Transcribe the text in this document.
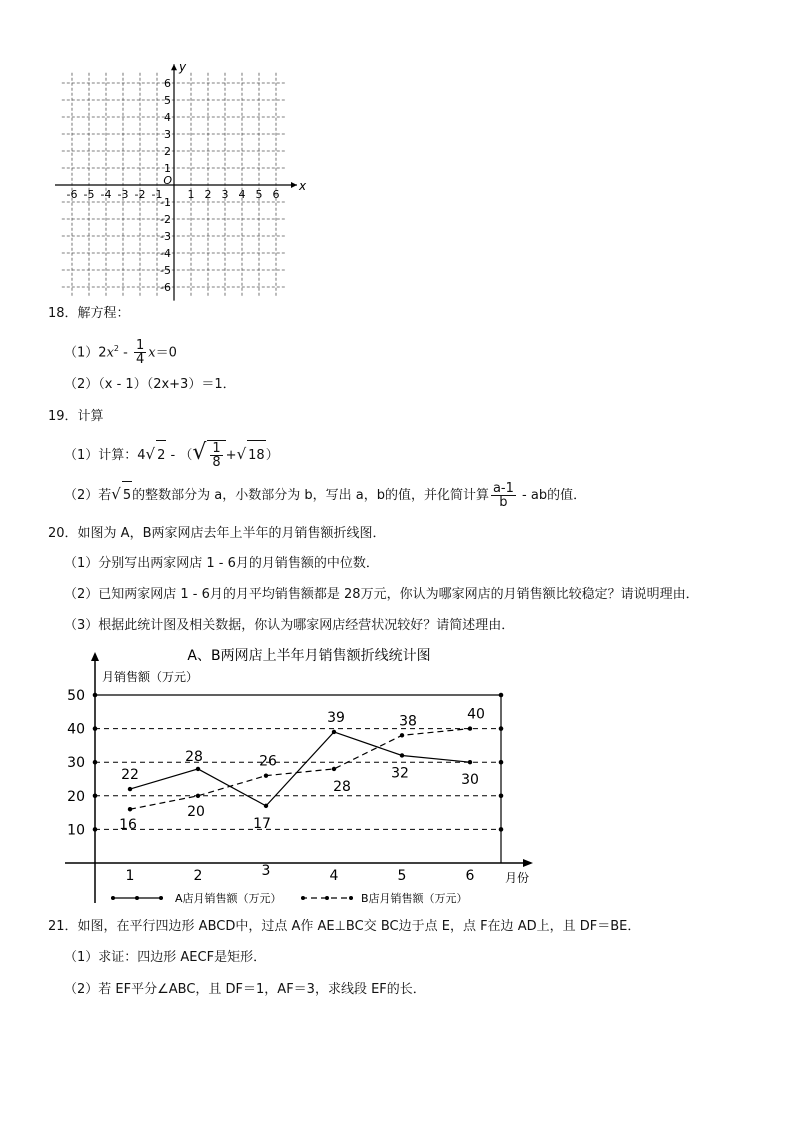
-6 -5 -4 -3 -2 -1 1 2 3 4 5 6
6
5
4
3
2
1
-1
-2
-3
-4
-5
-6
x
y
O
18．解方程：
$(1)2x^2 - \frac{1}{4} x=0$
（2）（x - 1）（2x+3）＝1．
19．计算
（1）计算：4√ 2 - （√ $\frac{1}{8}$ +√ 18）
（2）若√ 5的整数部分为 a，小数部分为 b，写出 a，b的值，并化简计算 $\frac{a-1}{b}$ - ab的值．
20．如图为 A，B两家网店去年上半年的月销售额折线图．
（1）分别写出两家网店 1 - 6月的月销售额的中位数．
（2）已知两家网店 1 - 6月的月平均销售额都是 28万元，你认为哪家网店的月销售额比较稳定？请说明理由．
（3）根据此统计图及相关数据，你认为哪家网店经营状况较好？请简述理由．
A、B两网店上半年月销售额折线统计图
月销售额（万元）
10
20
30
40
50
1	2	3	4	5	6	月份
22
28
17
39
32	30
16
20
26
28
38	40
A店月销售额（万元）	B店月销售额（万元）
21．如图，在平行四边形 ABCD中，过点 A作 AE⊥BC交 BC边于点 E，点 F在边 AD上，且 DF＝BE．
（1）求证：四边形 AECF是矩形．
（2）若 EF平分∠ABC，且 DF＝1，AF＝3，求线段 EF的长．
